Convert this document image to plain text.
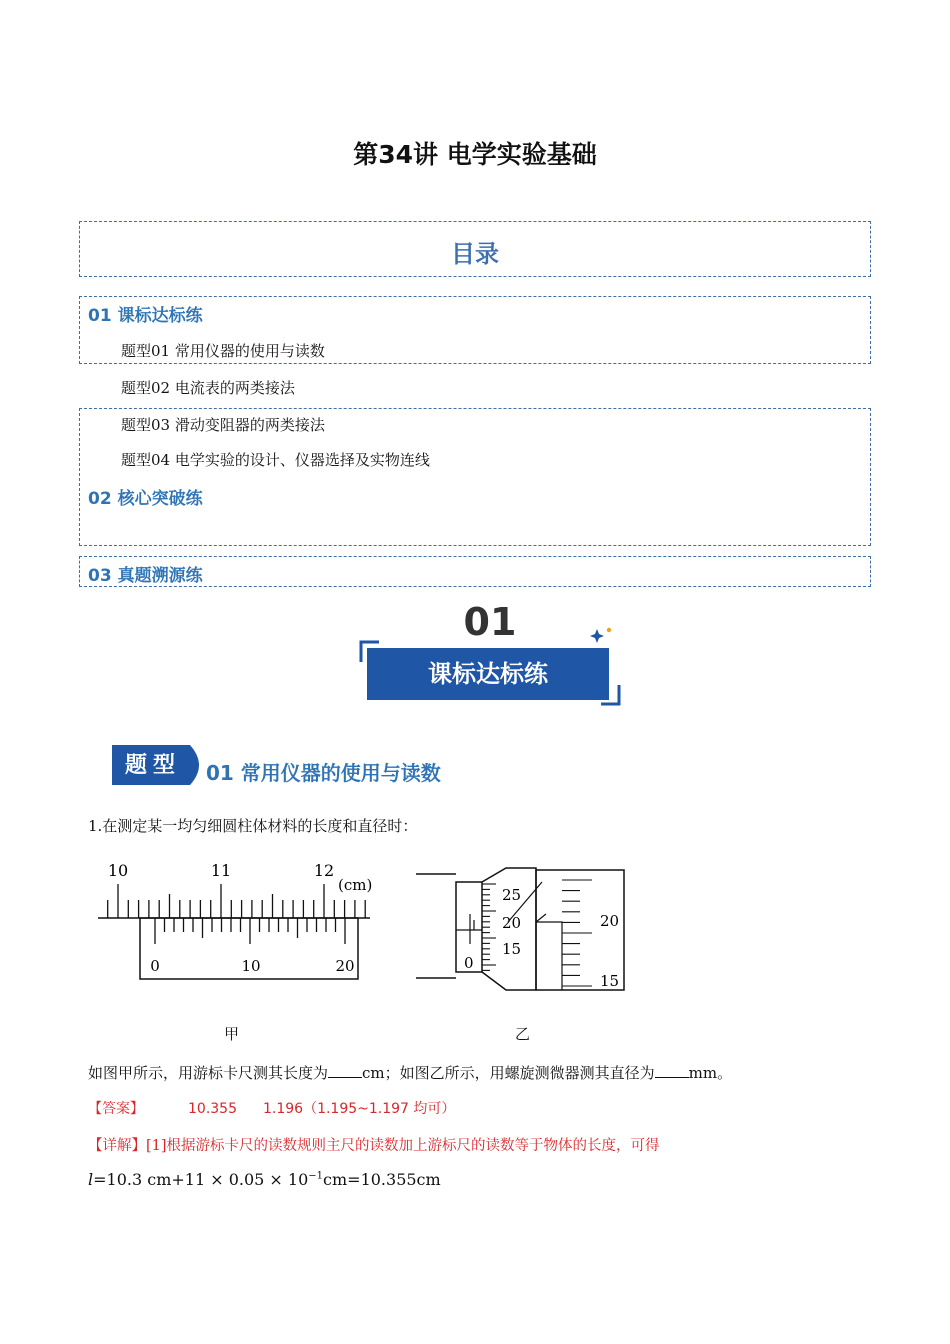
第34讲 电学实验基础
目录
01 课标达标练
题型01 常用仪器的使用与读数
题型02 电流表的两类接法
题型03 滑动变阻器的两类接法
题型04 电学实验的设计、仪器选择及实物连线
02 核心突破练
03 真题溯源练
01
课标达标练
题型	01 常用仪器的使用与读数
1.在测定某一均匀细圆柱体材料的长度和直径时：
10	11	12
(cm)
0	10	20
25
20
15
0
20
15
甲	乙
如图甲所示，用游标卡尺测其长度为 cm；如图乙所示，用螺旋测微器测其直径为 mm。
【答案】	10.355 1.196（1.195~1.197 均可）
【详解】[1]根据游标卡尺的读数规则主尺的读数加上游标尺的读数等于物体的长度，可得
l=10.3 $cm+11 \times 0.05 \times 10^{-1}cm=10.355cm$
